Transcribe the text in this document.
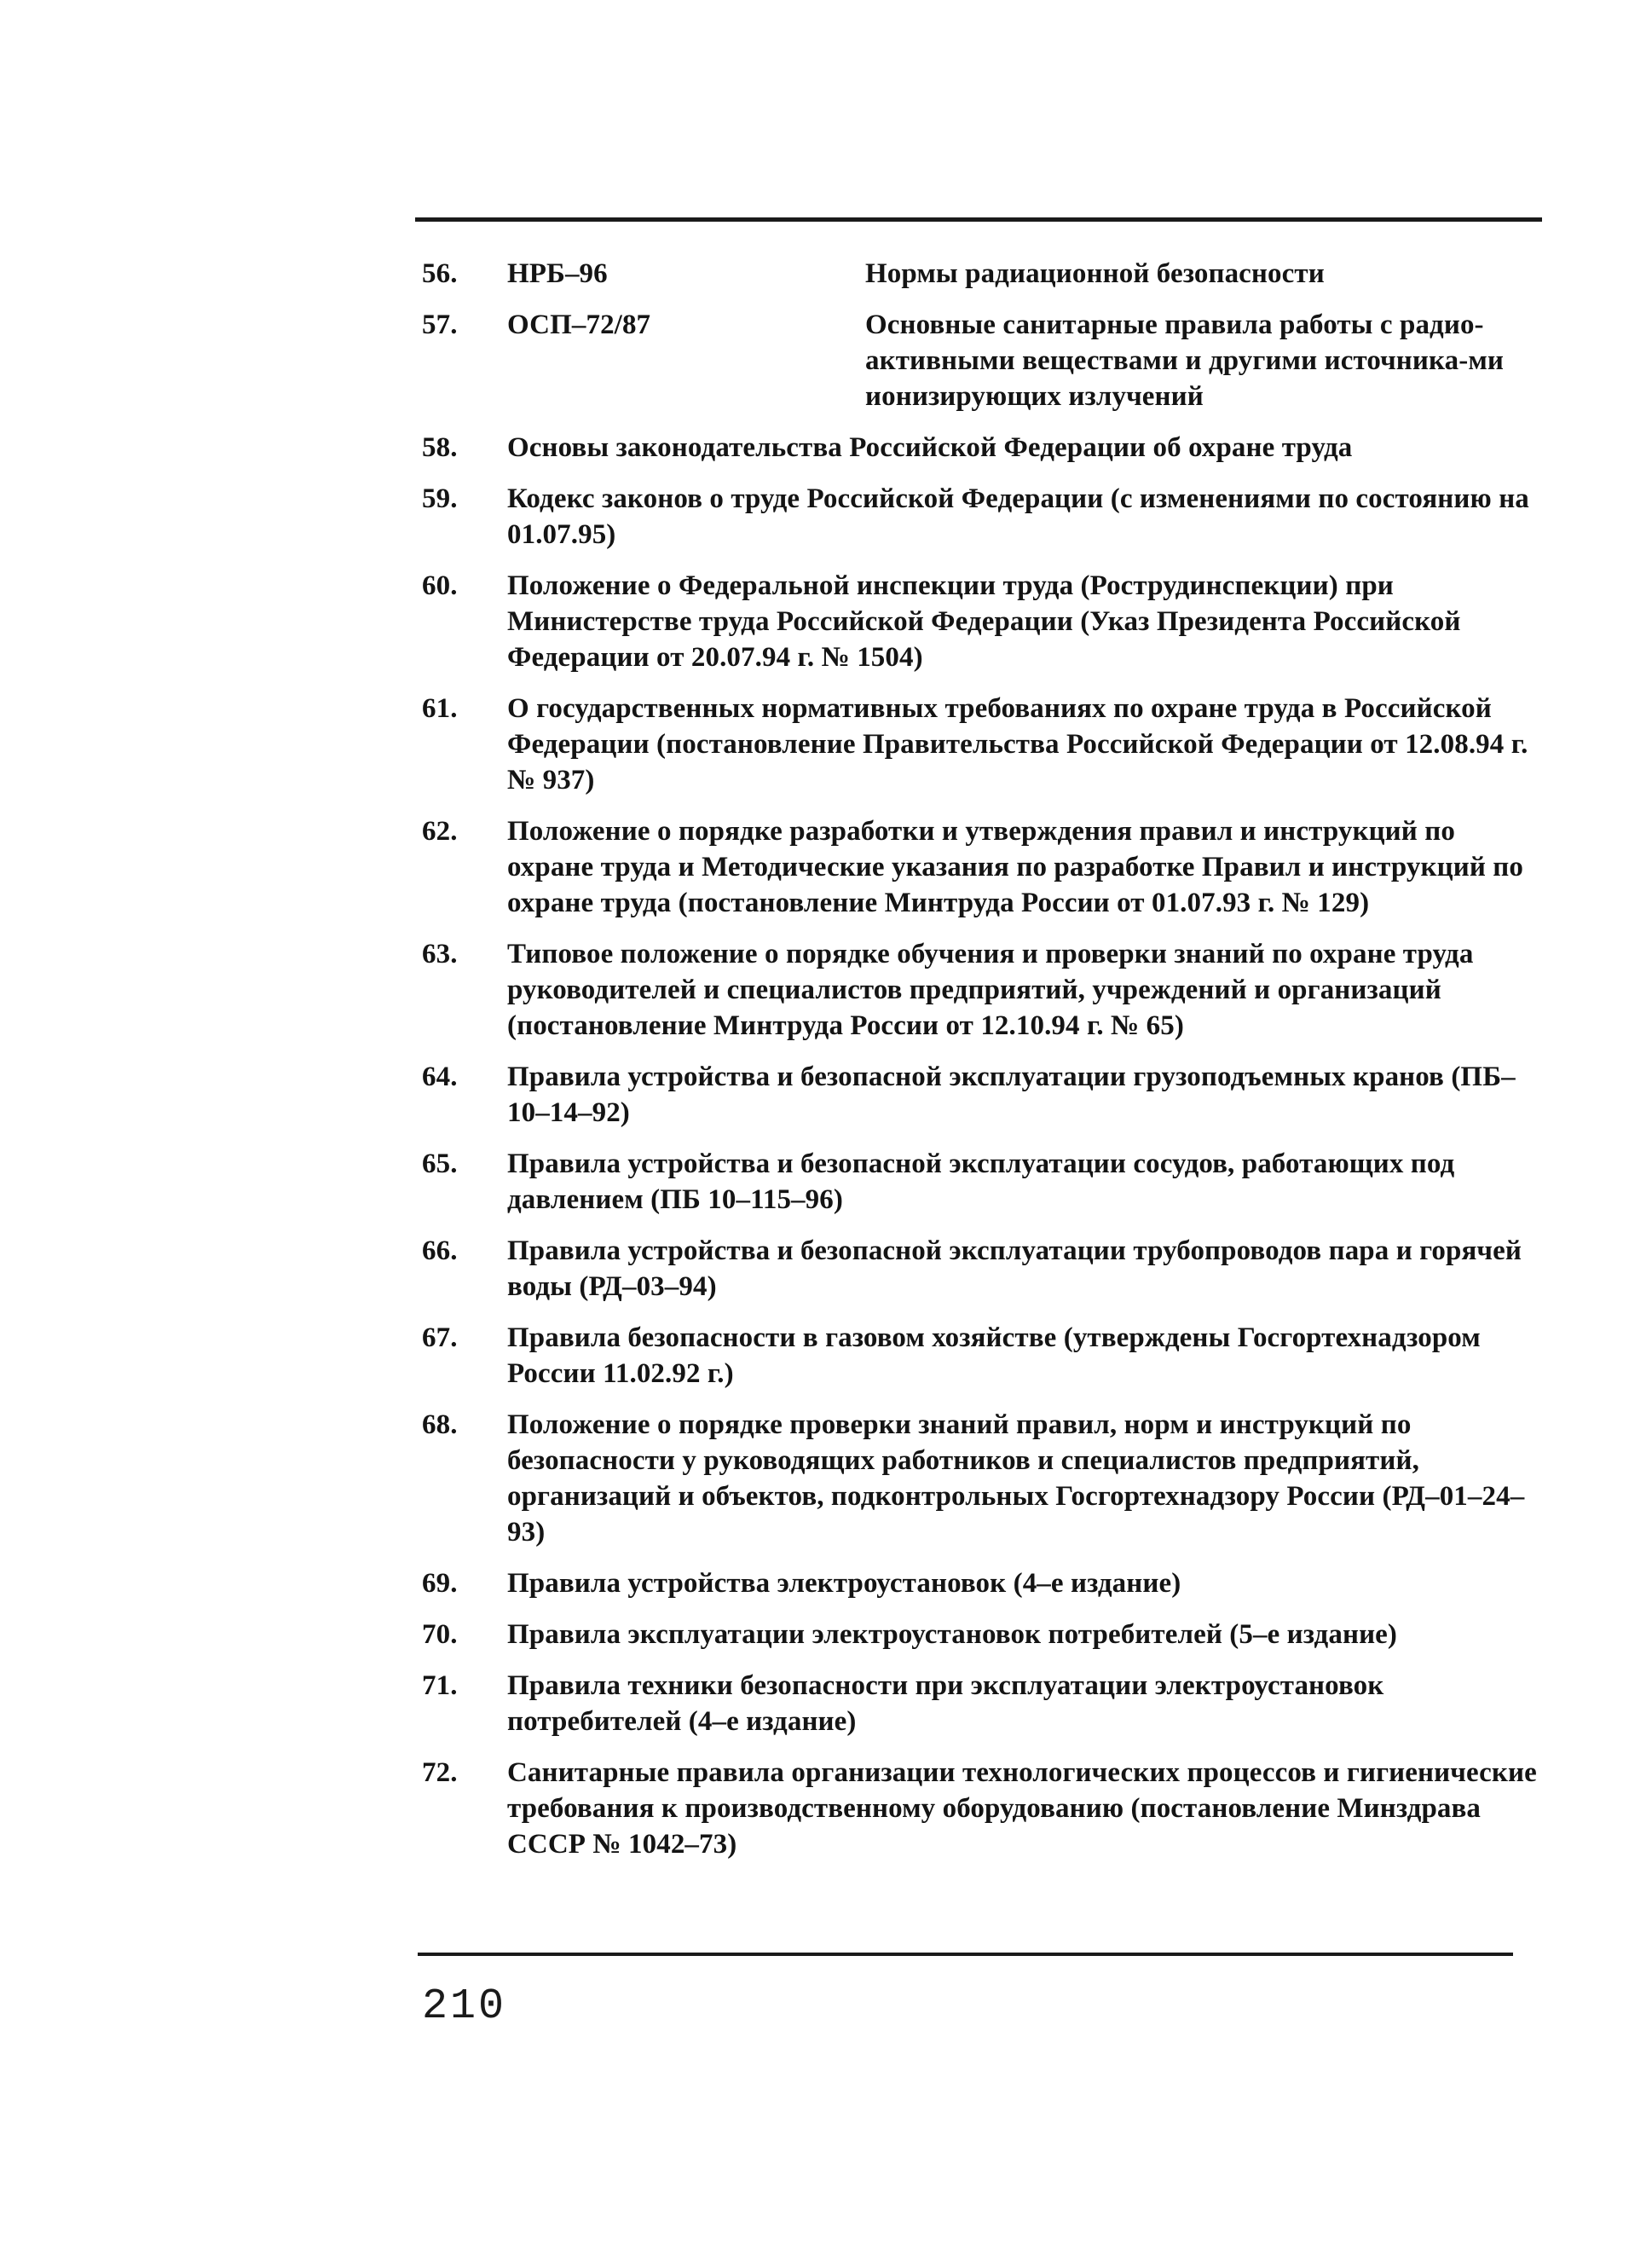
56.	НРБ–96	Нормы радиационной безопасности
57.	ОСП–72/87	Основные санитарные правила работы с радио-активными веществами и другими источника-ми ионизирующих излучений
58.	Основы законодательства Российской Федерации об охране труда
59.	Кодекс законов о труде Российской Федерации (с изменениями по состоянию на 01.07.95)
60.	Положение о Федеральной инспекции труда (Рострудинспекции) при Министерстве труда Российской Федерации (Указ Президента Российской Федерации от 20.07.94 г. № 1504)
61.	О государственных нормативных требованиях по охране труда в Российской Федерации (постановление Правительства Российской Федерации от 12.08.94 г. № 937)
62.	Положение о порядке разработки и утверждения правил и инструкций по охране труда и Методические указания по разработке Правил и инструкций по охране труда (постановление Минтруда России от 01.07.93 г. № 129)
63.	Типовое положение о порядке обучения и проверки знаний по охране труда руководителей и специалистов предприятий, учреждений и организаций (постановление Минтруда России от 12.10.94 г. № 65)
64.	Правила устройства и безопасной эксплуатации грузоподъемных кранов (ПБ–10–14–92)
65.	Правила устройства и безопасной эксплуатации сосудов, работающих под давлением (ПБ 10–115–96)
66.	Правила устройства и безопасной эксплуатации трубопроводов пара и горячей воды (РД–03–94)
67.	Правила безопасности в газовом хозяйстве (утверждены Госгортехнадзором России 11.02.92 г.)
68.	Положение о порядке проверки знаний правил, норм и инструкций по безопасности у руководящих работников и специалистов предприятий, организаций и объектов, подконтрольных Госгортехнадзору России (РД–01–24–93)
69.	Правила устройства электроустановок (4–е издание)
70.	Правила эксплуатации электроустановок потребителей (5–е издание)
71.	Правила техники безопасности при эксплуатации электроустановок потребителей (4–е издание)
72.	Санитарные правила организации технологических процессов и гигиенические требования к производственному оборудованию (постановление Минздрава СССР № 1042–73)
210
